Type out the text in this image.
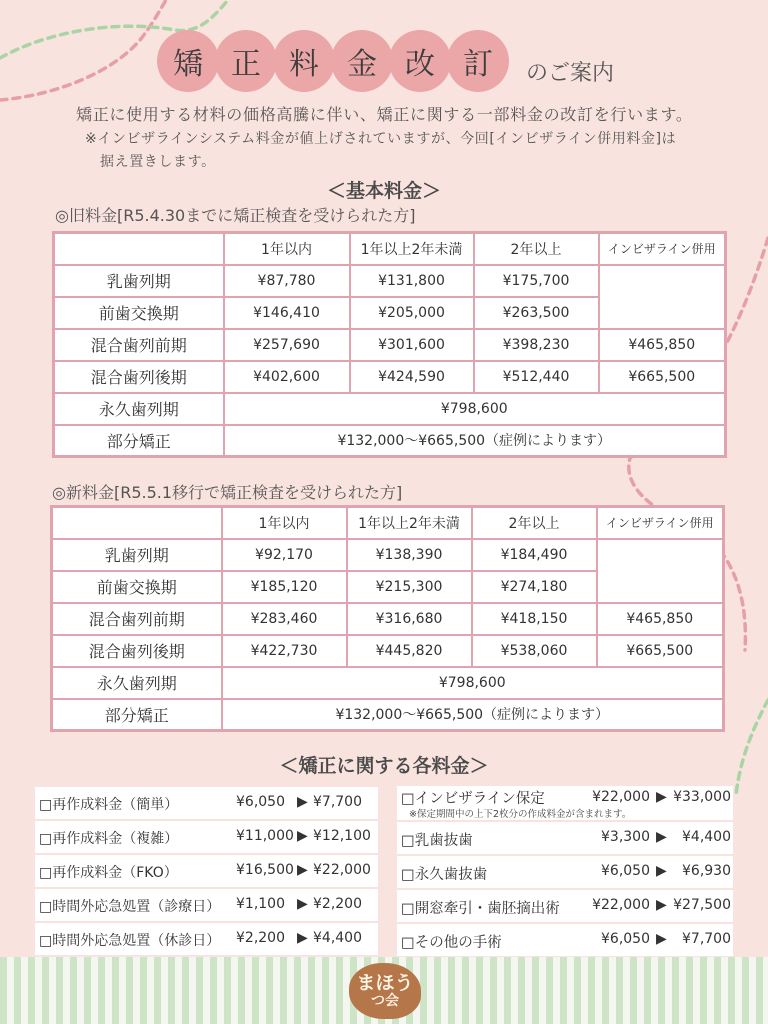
矯 正 料 金 改 訂	のご案内
矯正に使用する材料の価格高騰に伴い、矯正に関する一部料金の改訂を行います。
※インビザラインシステム料金が値上げされていますが、今回[インビザライン併用料金]は
据え置きします。
＜基本料金＞
◎旧料金[R5.4.30までに矯正検査を受けられた方]
	1年以内	1年以上2年未満	2年以上	インビザライン併用
乳歯列期	¥87,780	¥131,800	¥175,700	
前歯交換期	¥146,410	¥205,000	¥263,500	
混合歯列前期	¥257,690	¥301,600	¥398,230	¥465,850
混合歯列後期	¥402,600	¥424,590	¥512,440	¥665,500
永久歯列期	¥798,600			
部分矯正	¥132,000〜¥665,500（症例によります）			
◎新料金[R5.5.1移行で矯正検査を受けられた方]
	1年以内	1年以上2年未満	2年以上	インビザライン併用
乳歯列期	¥92,170	¥138,390	¥184,490	
前歯交換期	¥185,120	¥215,300	¥274,180	
混合歯列前期	¥283,460	¥316,680	¥418,150	¥465,850
混合歯列後期	¥422,730	¥445,820	¥538,060	¥665,500
永久歯列期	¥798,600			
部分矯正	¥132,000〜¥665,500（症例によります）			
＜矯正に関する各料金＞
□再作成料金（簡単）	¥6,050 ▶ ¥7,700
□再作成料金（複雑）	¥11,000 ▶ ¥12,100
□再作成料金（FKO）	¥16,500 ▶ ¥22,000
□時間外応急処置（診療日） ¥1,100 ▶ ¥2,200
□時間外応急処置（休診日） ¥2,200 ▶ ¥4,400
□インビザライン保定	¥22,000 ▶ ¥33,000
※保定期間中の上下2枚分の作成料金が含まれます。
□乳歯抜歯	¥3,300 ▶ ¥4,400
□永久歯抜歯	¥6,050 ▶ ¥6,930
□開窓牽引・歯胚摘出術 ¥22,000 ▶ ¥27,500
□その他の手術	¥6,050 ▶ ¥7,700
まほう
つ会
